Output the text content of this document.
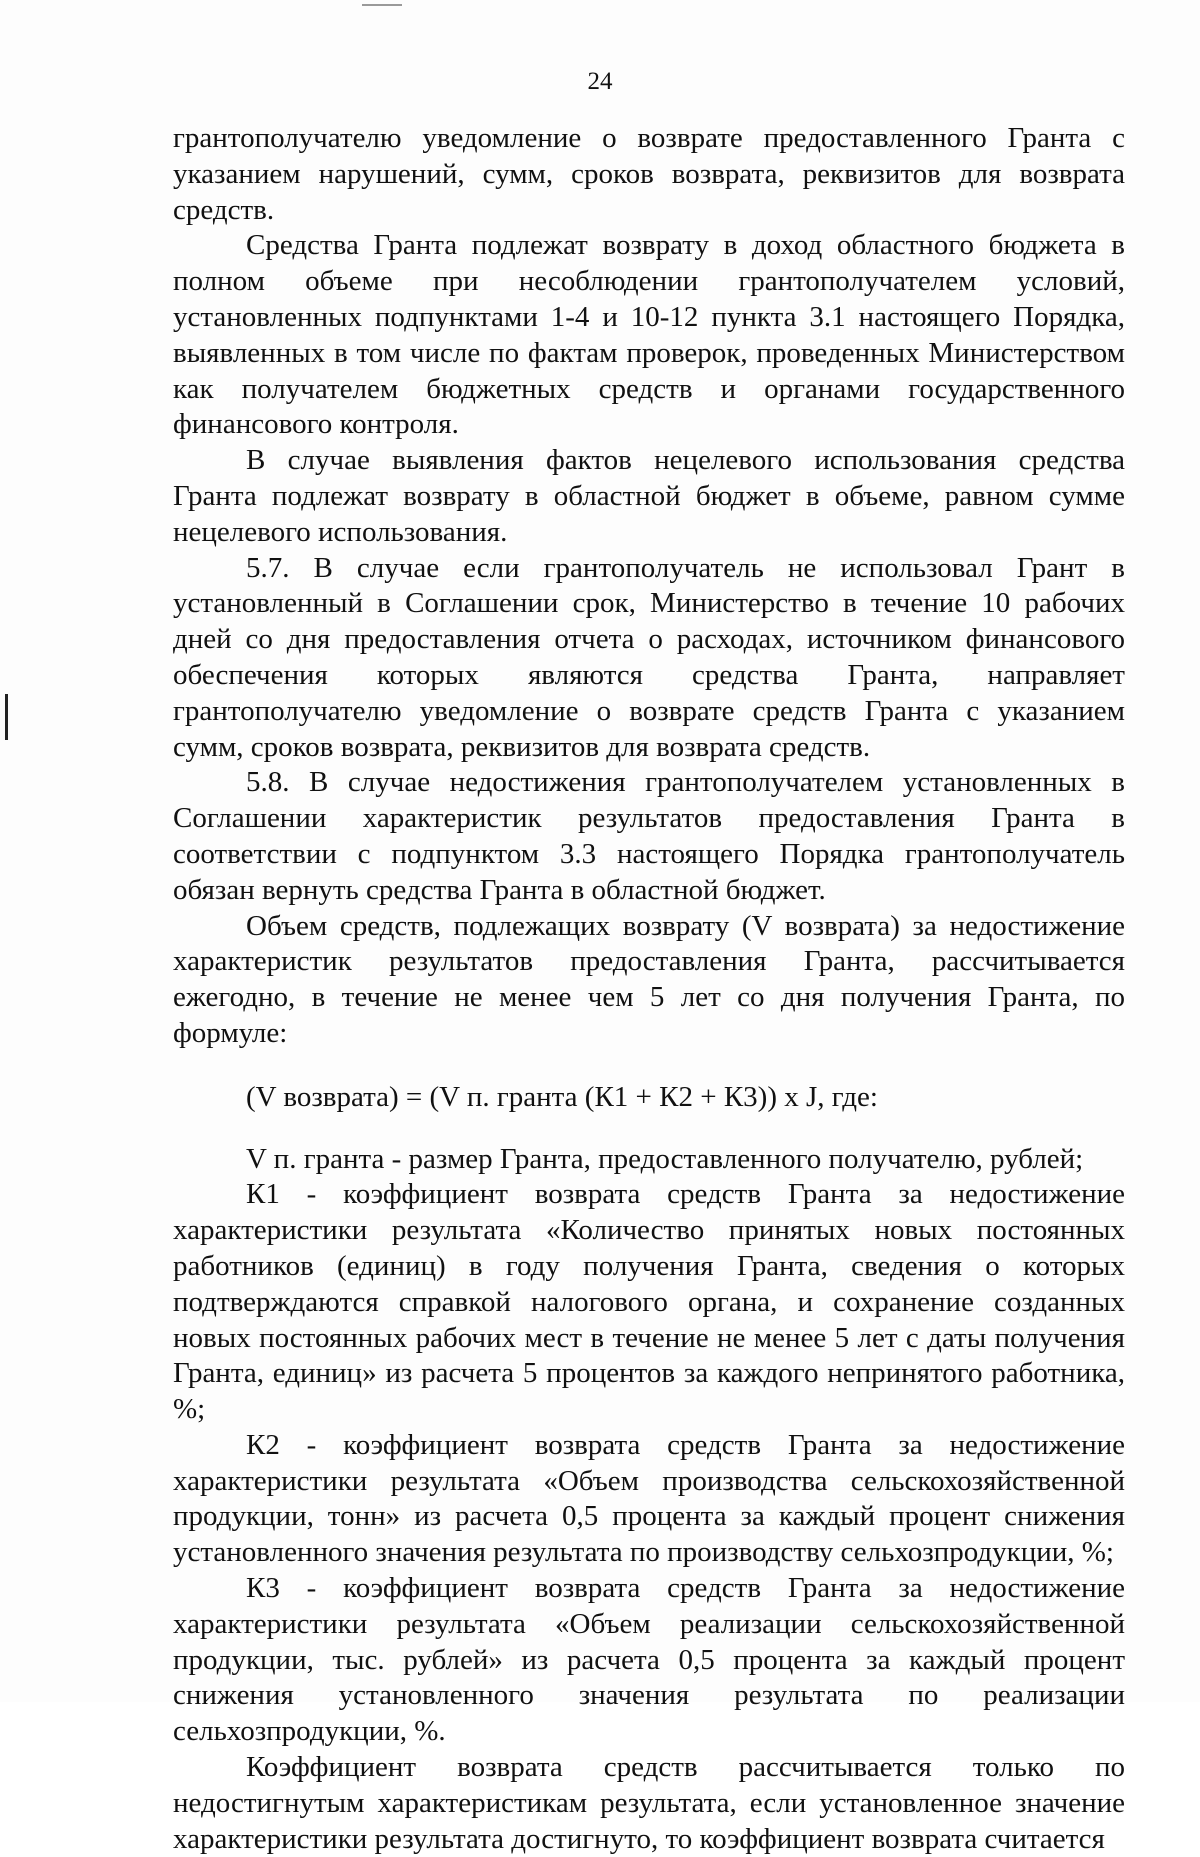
24

грантополучателю уведомление о возврате предоставленного Гранта с указанием нарушений, сумм, сроков возврата, реквизитов для возврата средств.

Средства Гранта подлежат возврату в доход областного бюджета в полном объеме при несоблюдении грантополучателем условий, установленных подпунктами 1-4 и 10-12 пункта 3.1 настоящего Порядка, выявленных в том числе по фактам проверок, проведенных Министерством как получателем бюджетных средств и органами государственного финансового контроля.

В случае выявления фактов нецелевого использования средства Гранта подлежат возврату в областной бюджет в объеме, равном сумме нецелевого использования.

5.7. В случае если грантополучатель не использовал Грант в установленный в Соглашении срок, Министерство в течение 10 рабочих дней со дня предоставления отчета о расходах, источником финансового обеспечения которых являются средства Гранта, направляет грантополучателю уведомление о возврате средств Гранта с указанием сумм, сроков возврата, реквизитов для возврата средств.

5.8. В случае недостижения грантополучателем установленных в Соглашении характеристик результатов предоставления Гранта в соответствии с подпунктом 3.3 настоящего Порядка грантополучатель обязан вернуть средства Гранта в областной бюджет.

Объем средств, подлежащих возврату (V возврата) за недостижение характеристик результатов предоставления Гранта, рассчитывается ежегодно, в течение не менее чем 5 лет со дня получения Гранта, по формуле:

(V возврата) = (V п. гранта (К1 + К2 + К3)) x J, где:

V п. гранта - размер Гранта, предоставленного получателю, рублей;

К1 - коэффициент возврата средств Гранта за недостижение характеристики результата «Количество принятых новых постоянных работников (единиц) в году получения Гранта, сведения о которых подтверждаются справкой налогового органа, и сохранение созданных новых постоянных рабочих мест в течение не менее 5 лет с даты получения Гранта, единиц» из расчета 5 процентов за каждого непринятого работника, %;

К2 - коэффициент возврата средств Гранта за недостижение характеристики результата «Объем производства сельскохозяйственной продукции, тонн» из расчета 0,5 процента за каждый процент снижения установленного значения результата по производству сельхозпродукции, %;

К3 - коэффициент возврата средств Гранта за недостижение характеристики результата «Объем реализации сельскохозяйственной продукции, тыс. рублей» из расчета 0,5 процента за каждый процент снижения установленного значения результата по реализации сельхозпродукции, %.

Коэффициент возврата средств рассчитывается только по недостигнутым характеристикам результата, если установленное значение характеристики результата достигнуто, то коэффициент возврата считается
